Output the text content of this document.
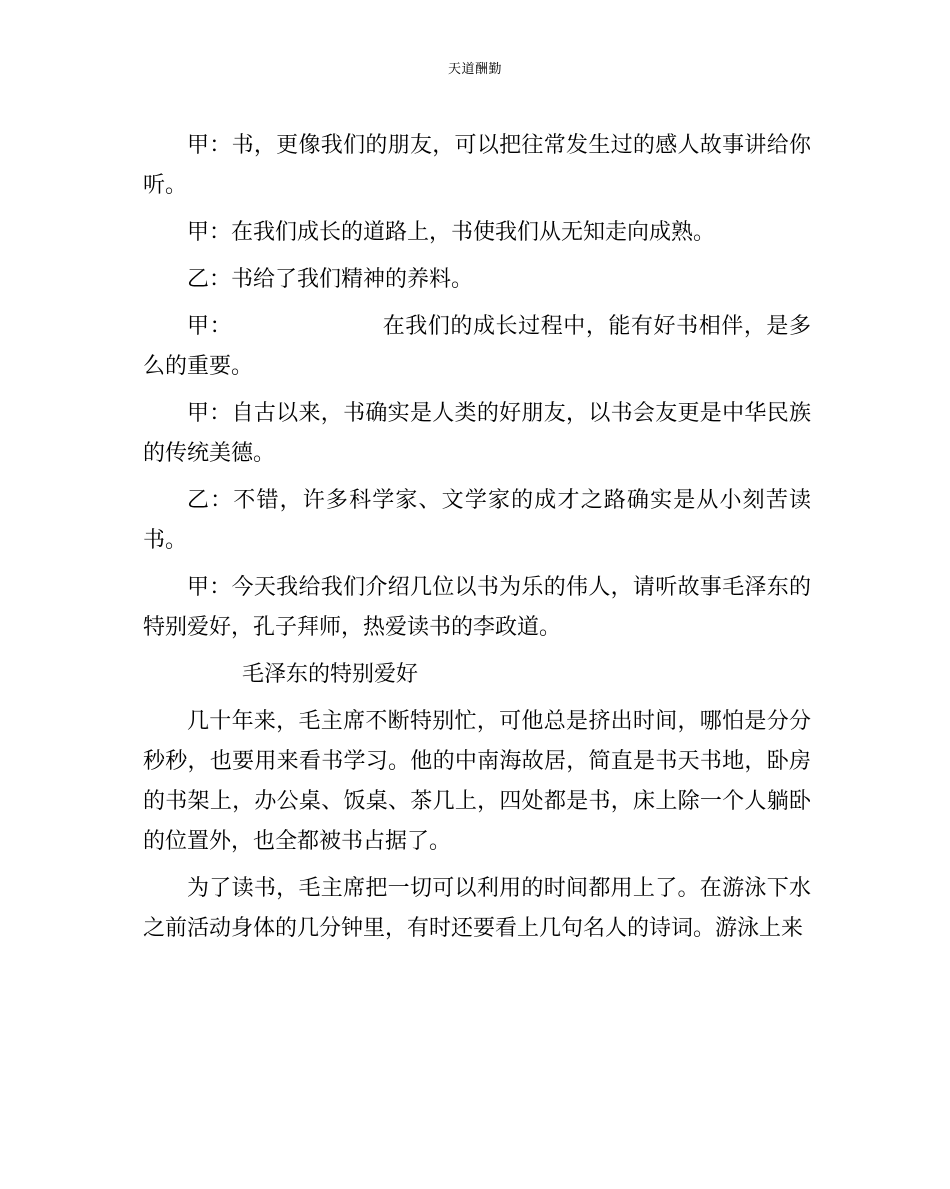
天道酬勤

甲：书，更像我们的朋友，可以把往常发生过的感人故事讲给你听。

甲：在我们成长的道路上，书使我们从无知走向成熟。

乙：书给了我们精神的养料。

甲：	在我们的成长过程中，能有好书相伴，是多么的重要。

甲：自古以来，书确实是人类的好朋友，以书会友更是中华民族的传统美德。

乙：不错，许多科学家、文学家的成才之路确实是从小刻苦读书。

甲：今天我给我们介绍几位以书为乐的伟人，请听故事毛泽东的特别爱好，孔子拜师，热爱读书的李政道。

毛泽东的特别爱好

几十年来，毛主席不断特别忙，可他总是挤出时间，哪怕是分分秒秒，也要用来看书学习。他的中南海故居，简直是书天书地，卧房的书架上，办公桌、饭桌、茶几上，四处都是书，床上除一个人躺卧的位置外，也全都被书占据了。

为了读书，毛主席把一切可以利用的时间都用上了。在游泳下水之前活动身体的几分钟里，有时还要看上几句名人的诗词。游泳上来
